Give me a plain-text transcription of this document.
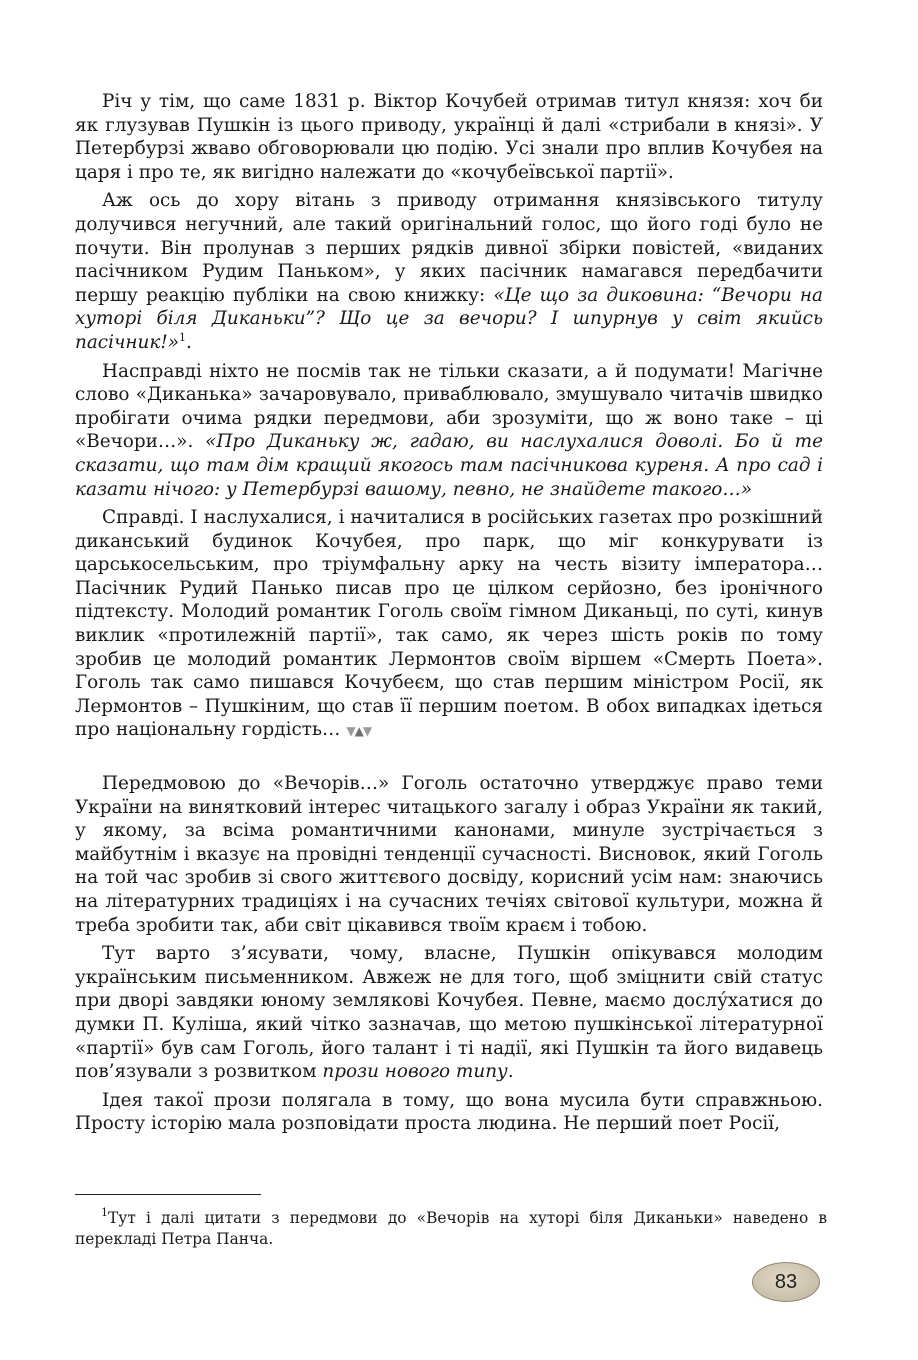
Річ у тім, що саме 1831 р. Віктор Кочубей отримав титул князя: хоч би як глузував Пушкін із цього приводу, українці й далі «стрибали в князі». У Петербурзі жваво обговорювали цю подію. Усі знали про вплив Кочубея на царя і про те, як вигідно належати до «кочубеївської партії».

Аж ось до хору вітань з приводу отримання князівського титулу долучився негучний, але такий оригінальний голос, що його годі було не почути. Він пролунав з перших рядків дивної збірки повістей, «виданих пасічником Рудим Паньком», у яких пасічник намагався передбачити першу реакцію публіки на свою книжку: «Це що за диковина: “Вечори на хуторі біля Диканьки”? Що це за вечори? І шпурнув у світ якийсь пасічник!»$^1$.

Насправді ніхто не посмів так не тільки сказати, а й подумати! Магічне слово «Диканька» зачаровувало, приваблювало, змушувало читачів швидко пробігати очима рядки передмови, аби зрозуміти, що ж воно таке – ці «Вечори…». «Про Диканьку ж, гадаю, ви наслухалися доволі. Бо й те сказати, що там дім кращий якогось там пасічникова куреня. А про сад і казати нічого: у Петербурзі вашому, певно, не знайдете такого…»

Справді. І наслухалися, і начиталися в російських газетах про розкішний диканський будинок Кочубея, про парк, що міг конкурувати із царськосельським, про тріумфальну арку на честь візиту імператора… Пасічник Рудий Панько писав про це цілком серйозно, без іронічного підтексту. Молодий романтик Гоголь своїм гімном Диканьці, по суті, кинув виклик «протилежній партії», так само, як через шість років по тому зробив це молодий романтик Лермонтов своїм віршем «Смерть Поета». Гоголь так само пишався Кочубеєм, що став першим міністром Росії, як Лермонтов – Пушкіним, що став її першим поетом. В обох випадках ідеться про національну гордість… ▼▲▼

Передмовою до «Вечорів…» Гоголь остаточно утверджує право теми України на винятковий інтерес читацького загалу і образ України як такий, у якому, за всіма романтичними канонами, минуле зустрічається з майбутнім і вказує на провідні тенденції сучасності. Висновок, який Гоголь на той час зробив зі свого життєвого досвіду, корисний усім нам: знаючись на літературних традиціях і на сучасних течіях світової культури, можна й треба зробити так, аби світ цікавився твоїм краєм і тобою.

Тут варто з’ясувати, чому, власне, Пушкін опікувався молодим українським письменником. Авжеж не для того, щоб зміцнити свій статус при дворі завдяки юному землякові Кочубея. Певне, маємо дослу́хатися до думки П. Куліша, який чітко зазначав, що метою пушкінської літературної «партії» був сам Гоголь, його талант і ті надії, які Пушкін та його видавець пов’язували з розвитком прози нового типу.

Ідея такої прози полягала в тому, що вона мусила бути справжньою. Просту історію мала розповідати проста людина. Не перший поет Росії,

$^1$Тут і далі цитати з передмови до «Вечорів на хуторі біля Диканьки» наведено в перекладі Петра Панча.

83
